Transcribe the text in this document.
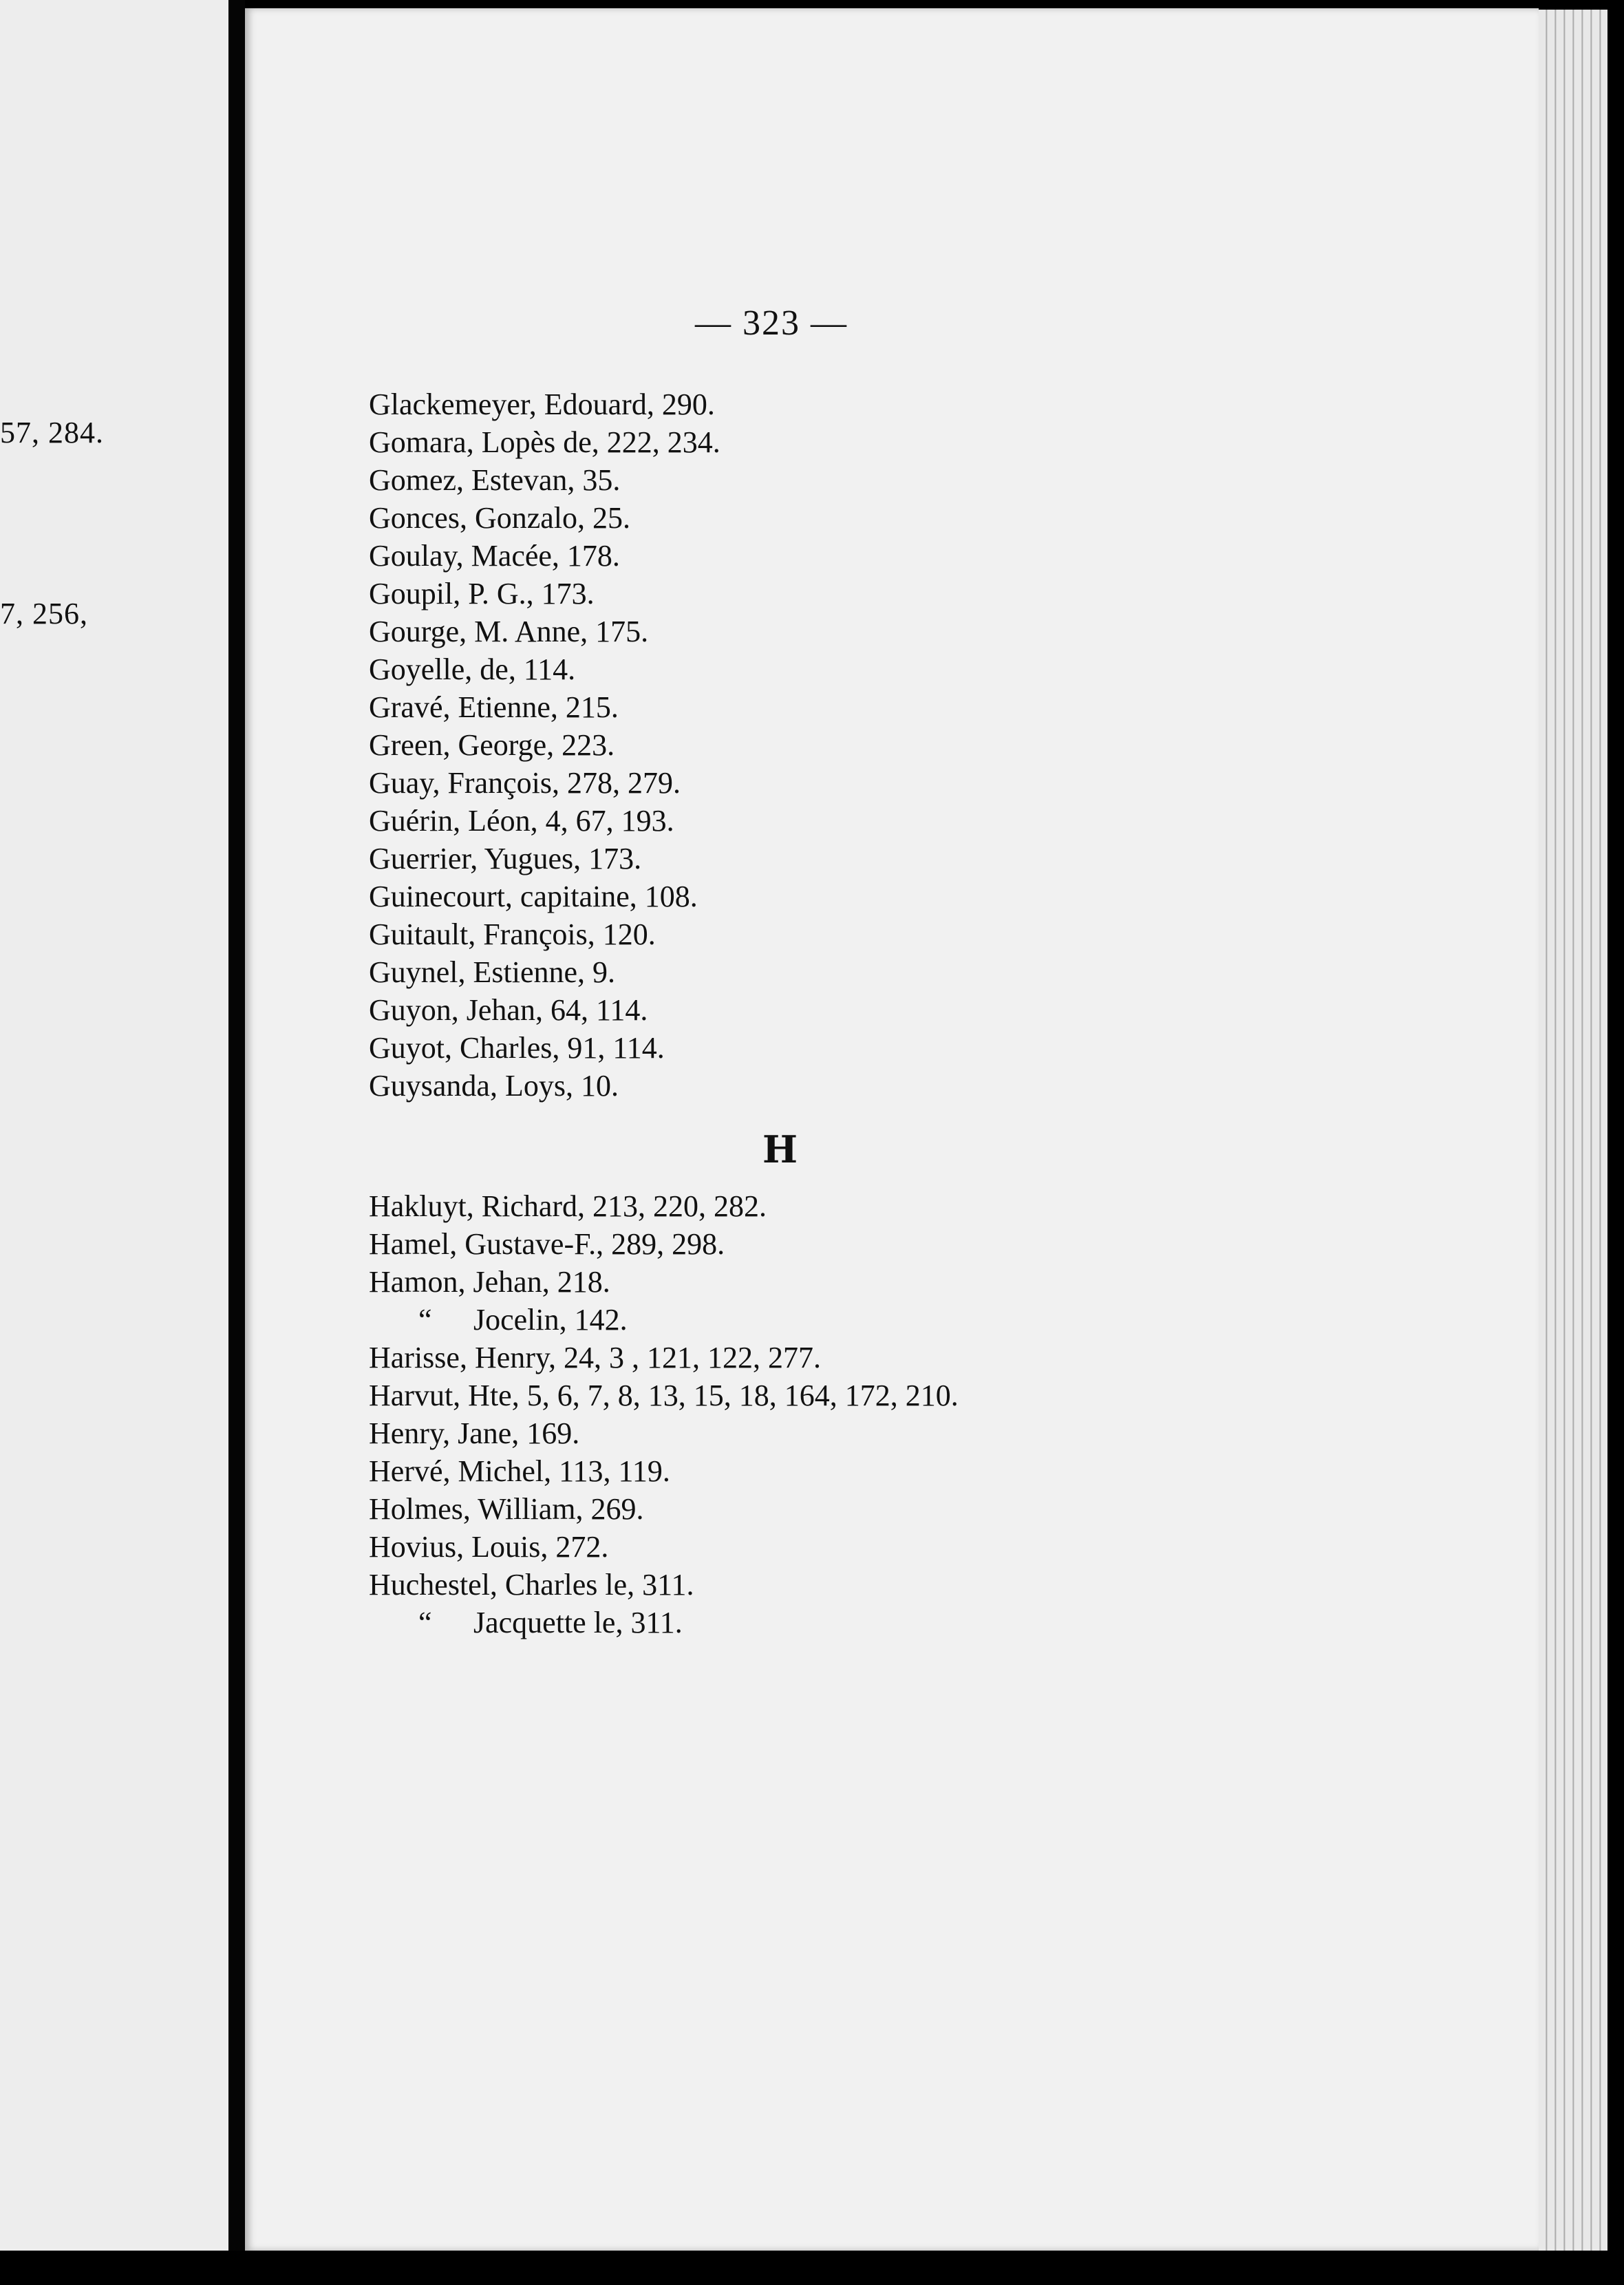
57, 284.
7, 256,
— 323 —
Glackemeyer, Edouard, 290.
Gomara, Lopès de, 222, 234.
Gomez, Estevan, 35.
Gonces, Gonzalo, 25.
Goulay, Macée, 178.
Goupil, P. G., 173.
Gourge, M. Anne, 175.
Goyelle, de, 114.
Gravé, Etienne, 215.
Green, George, 223.
Guay, François, 278, 279.
Guérin, Léon, 4, 67, 193.
Guerrier, Yugues, 173.
Guinecourt, capitaine, 108.
Guitault, François, 120.
Guynel, Estienne, 9.
Guyon, Jehan, 64, 114.
Guyot, Charles, 91, 114.
Guysanda, Loys, 10.
H
Hakluyt, Richard, 213, 220, 282.
Hamel, Gustave-F., 289, 298.
Hamon, Jehan, 218.
“ Jocelin, 142.
Harisse, Henry, 24, 3 , 121, 122, 277.
Harvut, Hte, 5, 6, 7, 8, 13, 15, 18, 164, 172, 210.
Henry, Jane, 169.
Hervé, Michel, 113, 119.
Holmes, William, 269.
Hovius, Louis, 272.
Huchestel, Charles le, 311.
“ Jacquette le, 311.
